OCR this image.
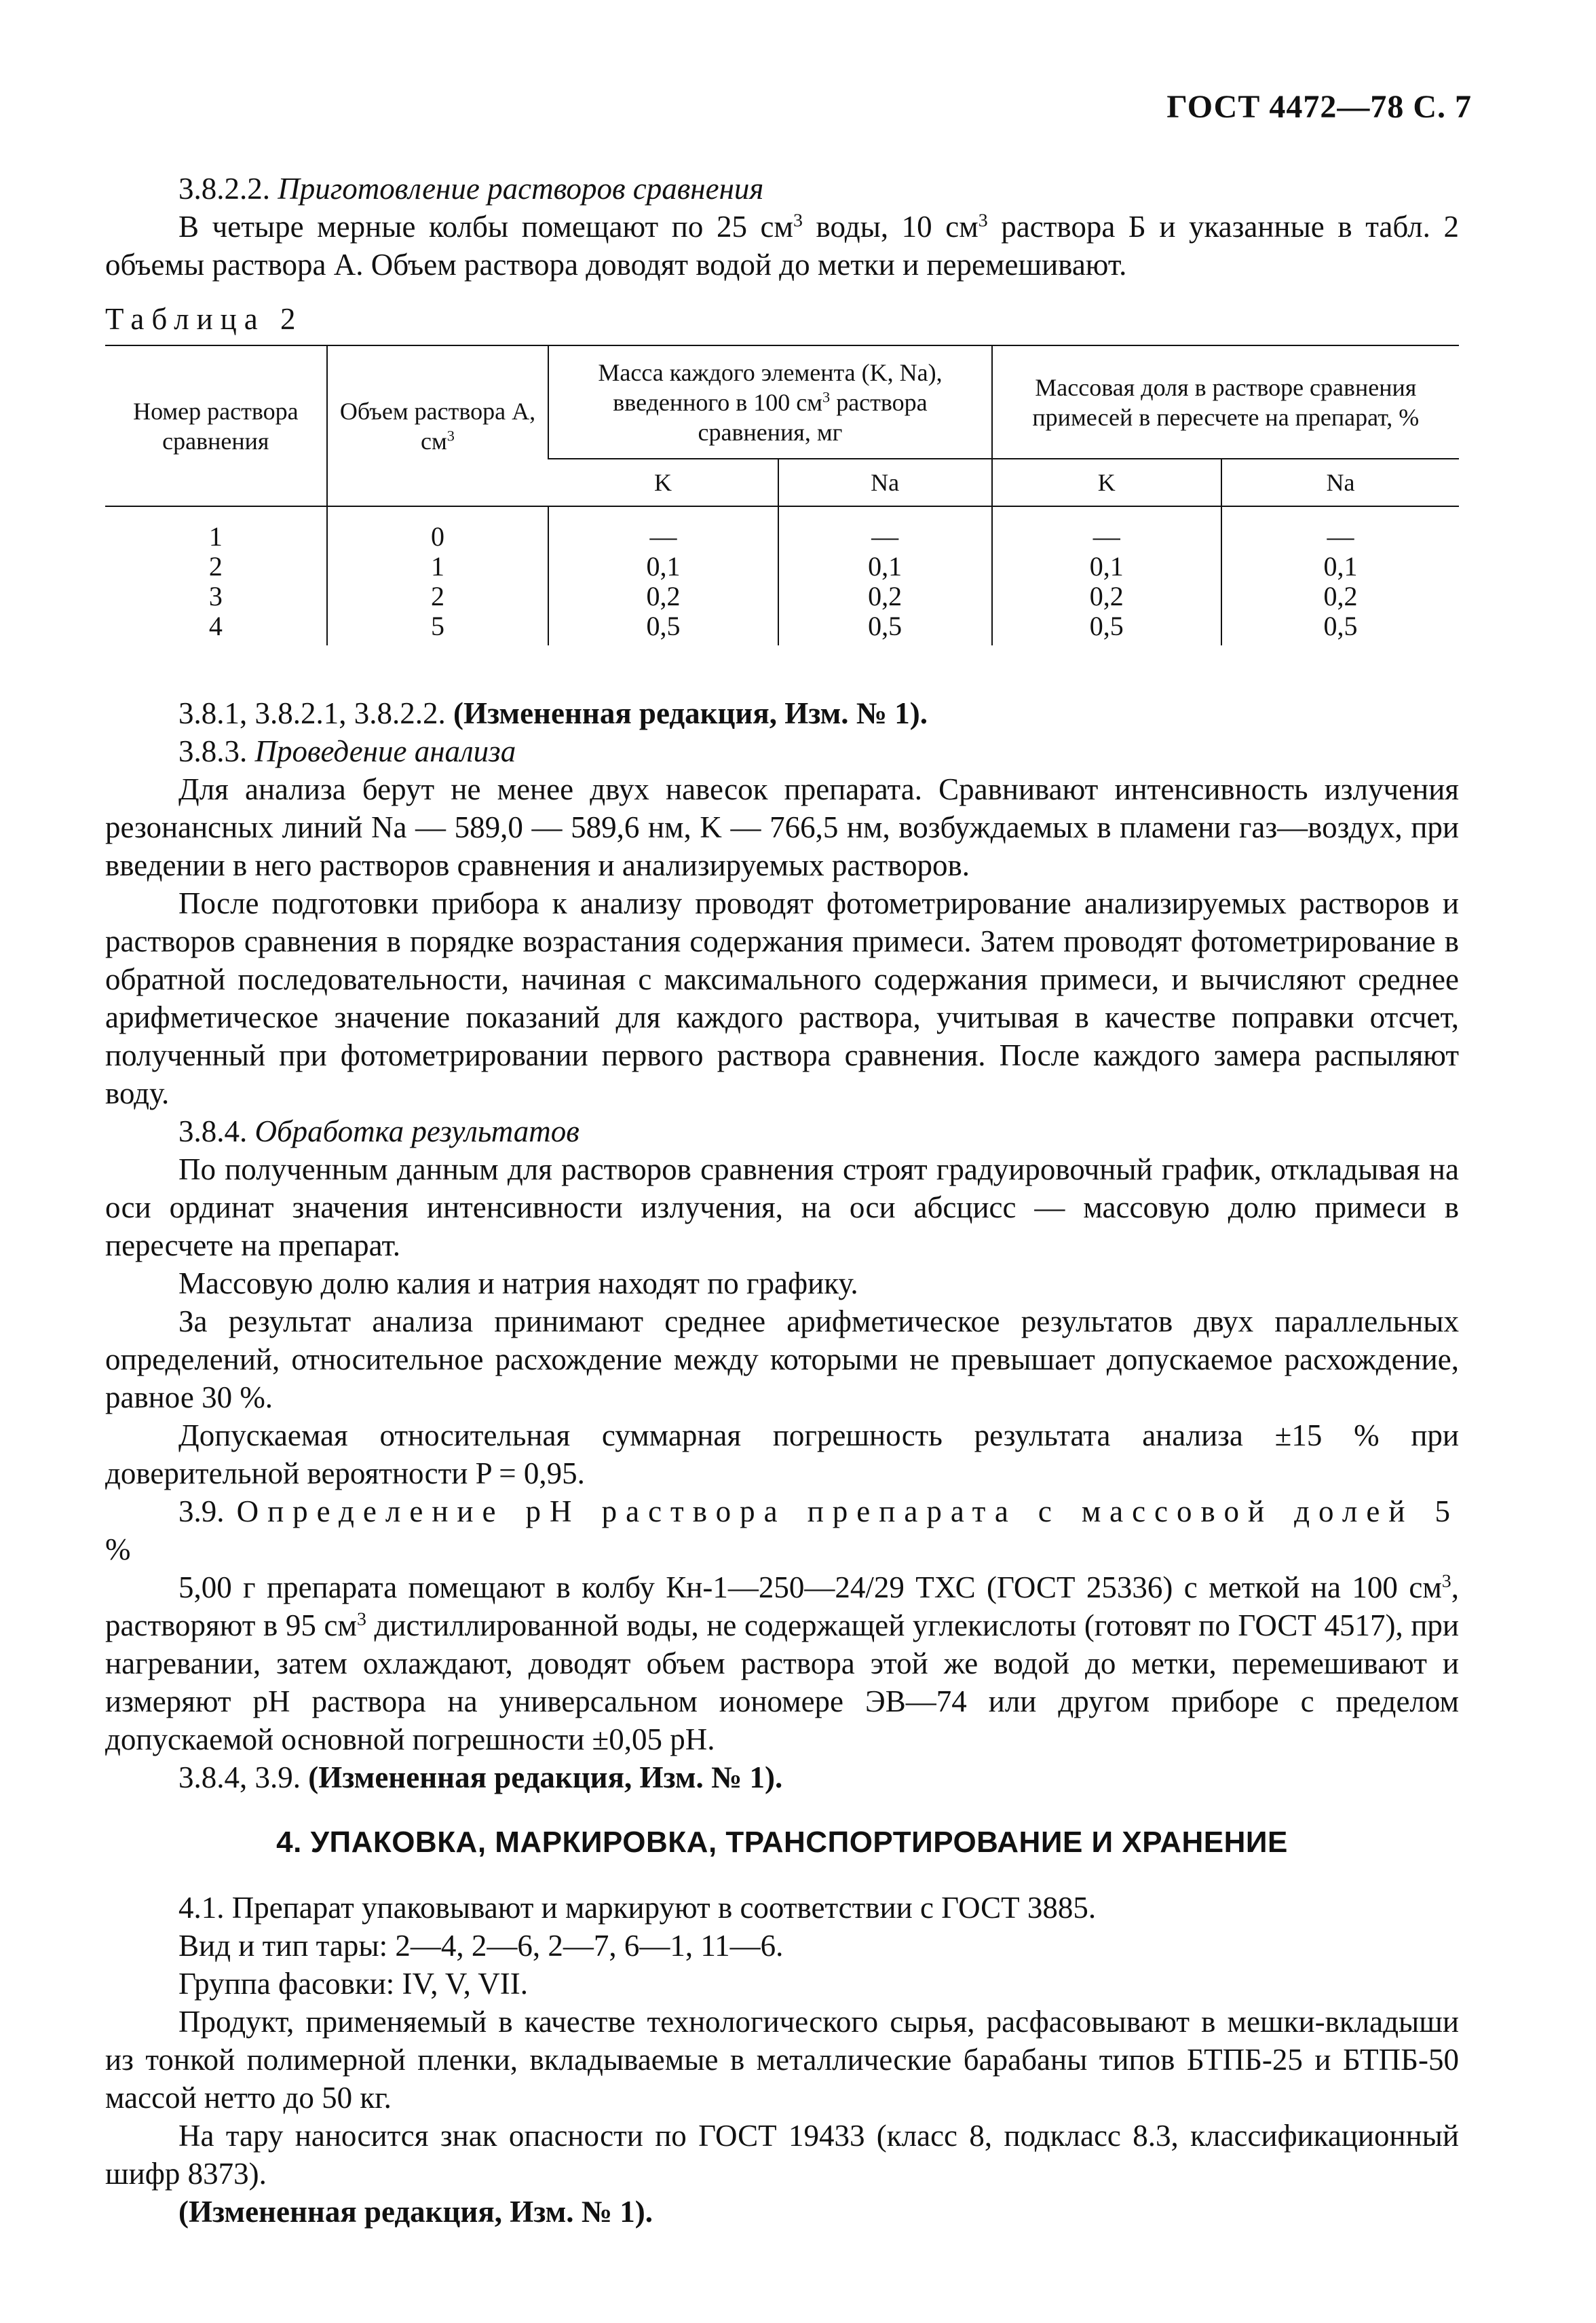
ГОСТ 4472—78 С. 7

3.8.2.2. Приготовление растворов сравнения

В четыре мерные колбы помещают по 25 $см^3$ воды, 10 $см^3$ раствора Б и указанные в табл. 2 объемы раствора А. Объем раствора доводят водой до метки и перемешивают.

Таблица 2

Номер раствора сравнения	Объем раствора А, $см^3$	Масса каждого элемента (K, Na), введенного в 100 $см^3$ раствора сравнения, мг		Массовая доля в растворе сравнения примесей в пересчете на препарат, %	
		K	Na	K	Na
1	0	—	—	—	—
2	1	0,1	0,1	0,1	0,1
3	2	0,2	0,2	0,2	0,2
4	5	0,5	0,5	0,5	0,5

3.8.1, 3.8.2.1, 3.8.2.2. (Измененная редакция, Изм. № 1).

3.8.3. Проведение анализа

Для анализа берут не менее двух навесок препарата. Сравнивают интенсивность излучения резонансных линий Na — 589,0 — 589,6 нм, K — 766,5 нм, возбуждаемых в пламени газ—воздух, при введении в него растворов сравнения и анализируемых растворов.

После подготовки прибора к анализу проводят фотометрирование анализируемых растворов и растворов сравнения в порядке возрастания содержания примеси. Затем проводят фотометрирование в обратной последовательности, начиная с максимального содержания примеси, и вычисляют среднее арифметическое значение показаний для каждого раствора, учитывая в качестве поправки отсчет, полученный при фотометрировании первого раствора сравнения. После каждого замера распыляют воду.

3.8.4. Обработка результатов

По полученным данным для растворов сравнения строят градуировочный график, откладывая на оси ординат значения интенсивности излучения, на оси абсцисс — массовую долю примеси в пересчете на препарат.

Массовую долю калия и натрия находят по графику.

За результат анализа принимают среднее арифметическое результатов двух параллельных определений, относительное расхождение между которыми не превышает допускаемое расхождение, равное 30 %.

Допускаемая относительная суммарная погрешность результата анализа ±15 % при доверительной вероятности P = 0,95.

3.9. Определение pH раствора препарата с массовой долей 5 %

5,00 г препарата помещают в колбу Кн-1—250—24/29 ТХС (ГОСТ 25336) с меткой на 100 $см^3$, растворяют в 95 $см^3$ дистиллированной воды, не содержащей углекислоты (готовят по ГОСТ 4517), при нагревании, затем охлаждают, доводят объем раствора этой же водой до метки, перемешивают и измеряют pH раствора на универсальном иономере ЭВ—74 или другом приборе с пределом допускаемой основной погрешности ±0,05 pH.

3.8.4, 3.9. (Измененная редакция, Изм. № 1).

4. УПАКОВКА, МАРКИРОВКА, ТРАНСПОРТИРОВАНИЕ И ХРАНЕНИЕ

4.1. Препарат упаковывают и маркируют в соответствии с ГОСТ 3885.

Вид и тип тары: 2—4, 2—6, 2—7, 6—1, 11—6.

Группа фасовки: IV, V, VII.

Продукт, применяемый в качестве технологического сырья, расфасовывают в мешки-вкладыши из тонкой полимерной пленки, вкладываемые в металлические барабаны типов БТПБ-25 и БТПБ-50 массой нетто до 50 кг.

На тару наносится знак опасности по ГОСТ 19433 (класс 8, подкласс 8.3, классификационный шифр 8373).

(Измененная редакция, Изм. № 1).
